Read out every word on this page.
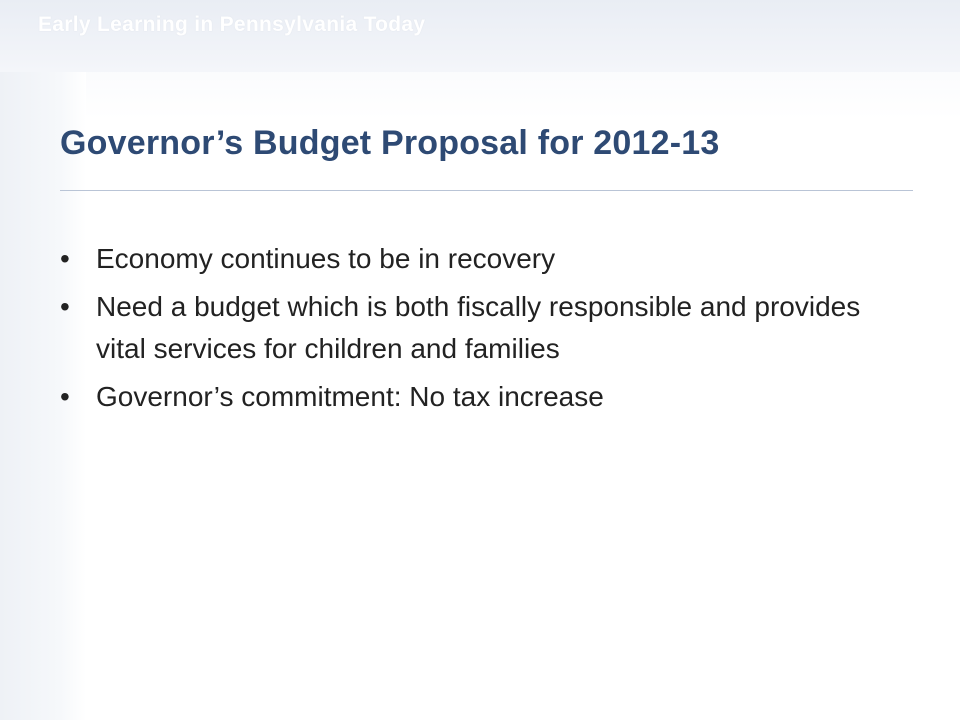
Early Learning in Pennsylvania Today
Governor’s Budget Proposal for 2012-13
• Economy continues to be in recovery
• Need a budget which is both fiscally responsible and provides vital services for children and families
• Governor’s commitment: No tax increase
